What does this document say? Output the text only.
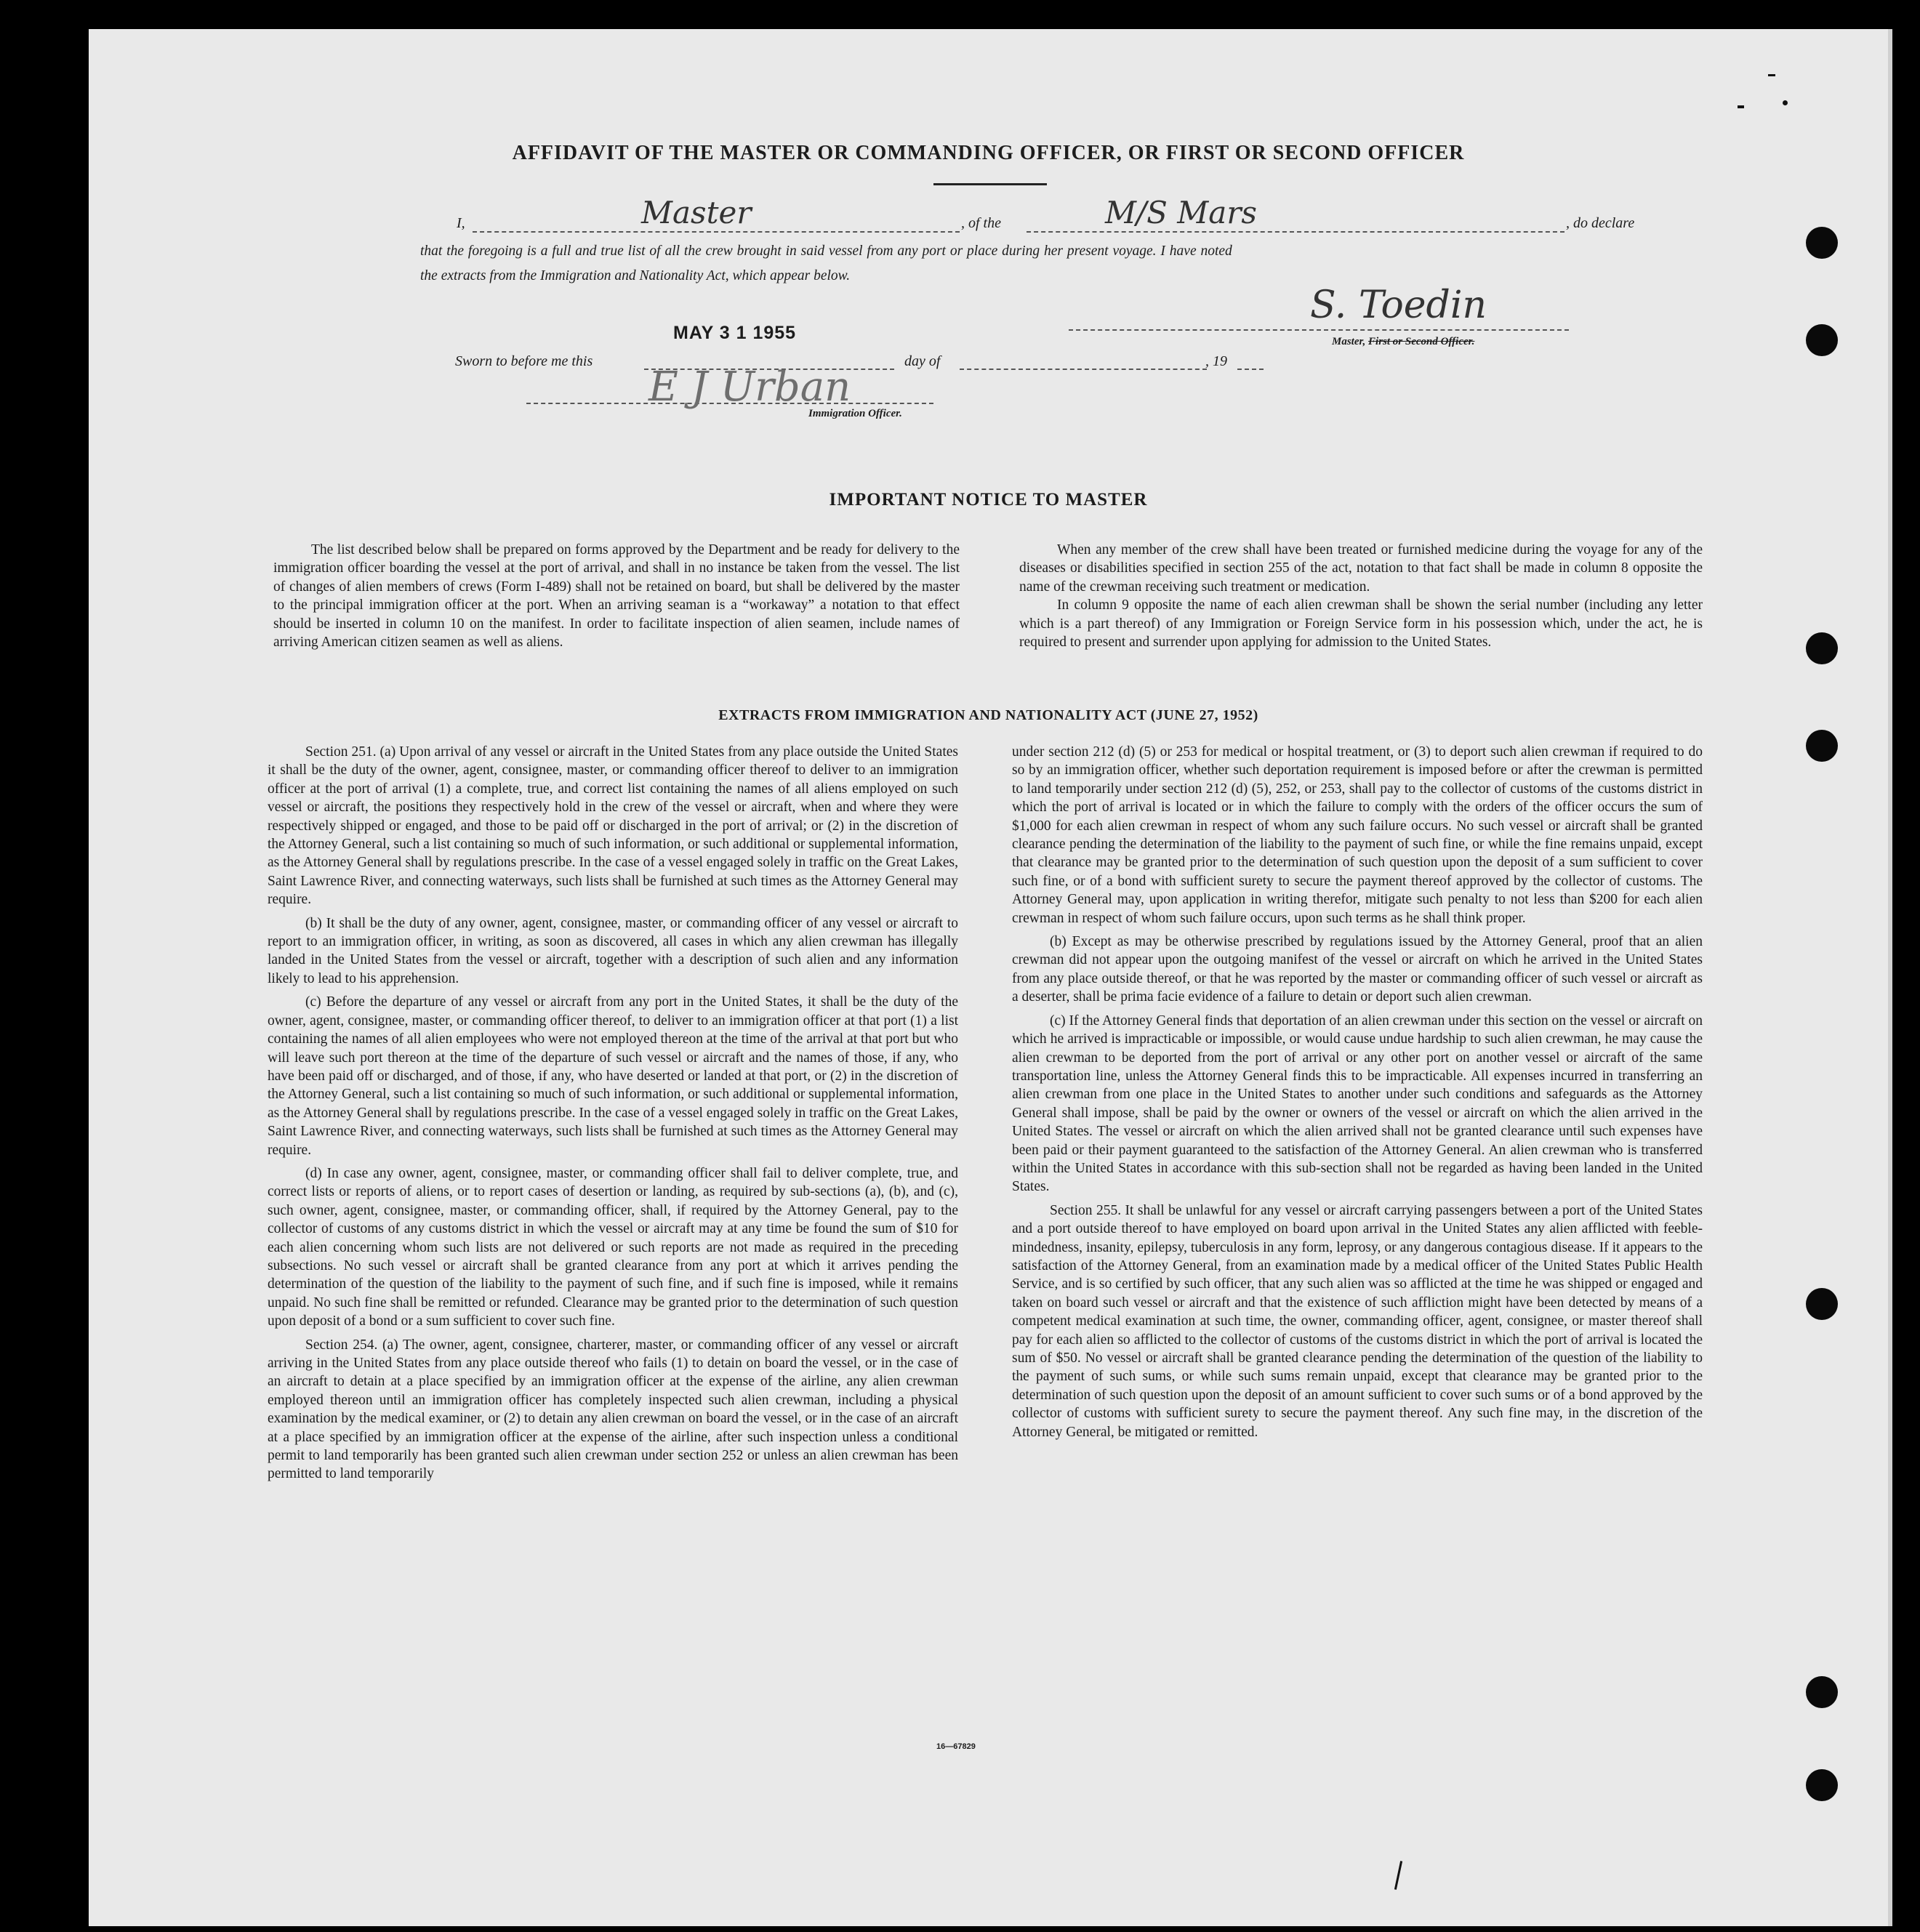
AFFIDAVIT OF THE MASTER OR COMMANDING OFFICER, OR FIRST OR SECOND OFFICER
I,	Master	, of the	M/S Mars	, do declare
that the foregoing is a full and true list of all the crew brought in said vessel from any port or place during her present voyage. I have noted
the extracts from the Immigration and Nationality Act, which appear below.
MAY 3 1 1955
S. Toedin
Master, First or Second Officer.
Sworn to before me this	day of	, 19
E J Urban
Immigration Officer.
IMPORTANT NOTICE TO MASTER

The list described below shall be prepared on forms approved by the Department and be ready for delivery to the immigration officer boarding the vessel at the port of arrival, and shall in no instance be taken from the vessel. The list of changes of alien members of crews (Form I-489) shall not be retained on board, but shall be delivered by the master to the principal immigration officer at the port. When an arriving seaman is a “workaway” a notation to that effect should be inserted in column 10 on the manifest. In order to facilitate inspection of alien seamen, include names of arriving American citizen seamen as well as aliens.

When any member of the crew shall have been treated or furnished medicine during the voyage for any of the diseases or disabilities specified in section 255 of the act, notation to that fact shall be made in column 8 opposite the name of the crewman receiving such treatment or medication.

In column 9 opposite the name of each alien crewman shall be shown the serial number (including any letter which is a part thereof) of any Immigration or Foreign Service form in his possession which, under the act, he is required to present and surrender upon applying for admission to the United States.

EXTRACTS FROM IMMIGRATION AND NATIONALITY ACT (JUNE 27, 1952)

Section 251. (a) Upon arrival of any vessel or aircraft in the United States from any place outside the United States it shall be the duty of the owner, agent, consignee, master, or commanding officer thereof to deliver to an immigration officer at the port of arrival (1) a complete, true, and correct list containing the names of all aliens employed on such vessel or aircraft, the positions they respectively hold in the crew of the vessel or aircraft, when and where they were respectively shipped or engaged, and those to be paid off or discharged in the port of arrival; or (2) in the discretion of the Attorney General, such a list containing so much of such information, or such additional or supplemental information, as the Attorney General shall by regulations prescribe. In the case of a vessel engaged solely in traffic on the Great Lakes, Saint Lawrence River, and connecting waterways, such lists shall be furnished at such times as the Attorney General may require.

(b) It shall be the duty of any owner, agent, consignee, master, or commanding officer of any vessel or aircraft to report to an immigration officer, in writing, as soon as discovered, all cases in which any alien crewman has illegally landed in the United States from the vessel or aircraft, together with a description of such alien and any information likely to lead to his apprehension.

(c) Before the departure of any vessel or aircraft from any port in the United States, it shall be the duty of the owner, agent, consignee, master, or commanding officer thereof, to deliver to an immigration officer at that port (1) a list containing the names of all alien employees who were not employed thereon at the time of the arrival at that port but who will leave such port thereon at the time of the departure of such vessel or aircraft and the names of those, if any, who have been paid off or discharged, and of those, if any, who have deserted or landed at that port, or (2) in the discretion of the Attorney General, such a list containing so much of such information, or such additional or supplemental information, as the Attorney General shall by regulations prescribe. In the case of a vessel engaged solely in traffic on the Great Lakes, Saint Lawrence River, and connecting waterways, such lists shall be furnished at such times as the Attorney General may require.

(d) In case any owner, agent, consignee, master, or commanding officer shall fail to deliver complete, true, and correct lists or reports of aliens, or to report cases of desertion or landing, as required by sub-sections (a), (b), and (c), such owner, agent, consignee, master, or commanding officer, shall, if required by the Attorney General, pay to the collector of customs of any customs district in which the vessel or aircraft may at any time be found the sum of $10 for each alien concerning whom such lists are not delivered or such reports are not made as required in the preceding subsections. No such vessel or aircraft shall be granted clearance from any port at which it arrives pending the determination of the question of the liability to the payment of such fine, and if such fine is imposed, while it remains unpaid. No such fine shall be remitted or refunded. Clearance may be granted prior to the determination of such question upon deposit of a bond or a sum sufficient to cover such fine.

Section 254. (a) The owner, agent, consignee, charterer, master, or commanding officer of any vessel or aircraft arriving in the United States from any place outside thereof who fails (1) to detain on board the vessel, or in the case of an aircraft to detain at a place specified by an immigration officer at the expense of the airline, any alien crewman employed thereon until an immigration officer has completely inspected such alien crewman, including a physical examination by the medical examiner, or (2) to detain any alien crewman on board the vessel, or in the case of an aircraft at a place specified by an immigration officer at the expense of the airline, after such inspection unless a conditional permit to land temporarily has been granted such alien crewman under section 252 or unless an alien crewman has been permitted to land temporarily

under section 212 (d) (5) or 253 for medical or hospital treatment, or (3) to deport such alien crewman if required to do so by an immigration officer, whether such deportation requirement is imposed before or after the crewman is permitted to land temporarily under section 212 (d) (5), 252, or 253, shall pay to the collector of customs of the customs district in which the port of arrival is located or in which the failure to comply with the orders of the officer occurs the sum of $1,000 for each alien crewman in respect of whom any such failure occurs. No such vessel or aircraft shall be granted clearance pending the determination of the liability to the payment of such fine, or while the fine remains unpaid, except that clearance may be granted prior to the determination of such question upon the deposit of a sum sufficient to cover such fine, or of a bond with sufficient surety to secure the payment thereof approved by the collector of customs. The Attorney General may, upon application in writing therefor, mitigate such penalty to not less than $200 for each alien crewman in respect of whom such failure occurs, upon such terms as he shall think proper.

(b) Except as may be otherwise prescribed by regulations issued by the Attorney General, proof that an alien crewman did not appear upon the outgoing manifest of the vessel or aircraft on which he arrived in the United States from any place outside thereof, or that he was reported by the master or commanding officer of such vessel or aircraft as a deserter, shall be prima facie evidence of a failure to detain or deport such alien crewman.

(c) If the Attorney General finds that deportation of an alien crewman under this section on the vessel or aircraft on which he arrived is impracticable or impossible, or would cause undue hardship to such alien crewman, he may cause the alien crewman to be deported from the port of arrival or any other port on another vessel or aircraft of the same transportation line, unless the Attorney General finds this to be impracticable. All expenses incurred in transferring an alien crewman from one place in the United States to another under such conditions and safeguards as the Attorney General shall impose, shall be paid by the owner or owners of the vessel or aircraft on which the alien arrived in the United States. The vessel or aircraft on which the alien arrived shall not be granted clearance until such expenses have been paid or their payment guaranteed to the satisfaction of the Attorney General. An alien crewman who is transferred within the United States in accordance with this sub-section shall not be regarded as having been landed in the United States.

Section 255. It shall be unlawful for any vessel or aircraft carrying passengers between a port of the United States and a port outside thereof to have employed on board upon arrival in the United States any alien afflicted with feeble-mindedness, insanity, epilepsy, tuberculosis in any form, leprosy, or any dangerous contagious disease. If it appears to the satisfaction of the Attorney General, from an examination made by a medical officer of the United States Public Health Service, and is so certified by such officer, that any such alien was so afflicted at the time he was shipped or engaged and taken on board such vessel or aircraft and that the existence of such affliction might have been detected by means of a competent medical examination at such time, the owner, commanding officer, agent, consignee, or master thereof shall pay for each alien so afflicted to the collector of customs of the customs district in which the port of arrival is located the sum of $50. No vessel or aircraft shall be granted clearance pending the determination of the question of the liability to the payment of such sums, or while such sums remain unpaid, except that clearance may be granted prior to the determination of such question upon the deposit of an amount sufficient to cover such sums or of a bond approved by the collector of customs with sufficient surety to secure the payment thereof. Any such fine may, in the discretion of the Attorney General, be mitigated or remitted.

16—67829
